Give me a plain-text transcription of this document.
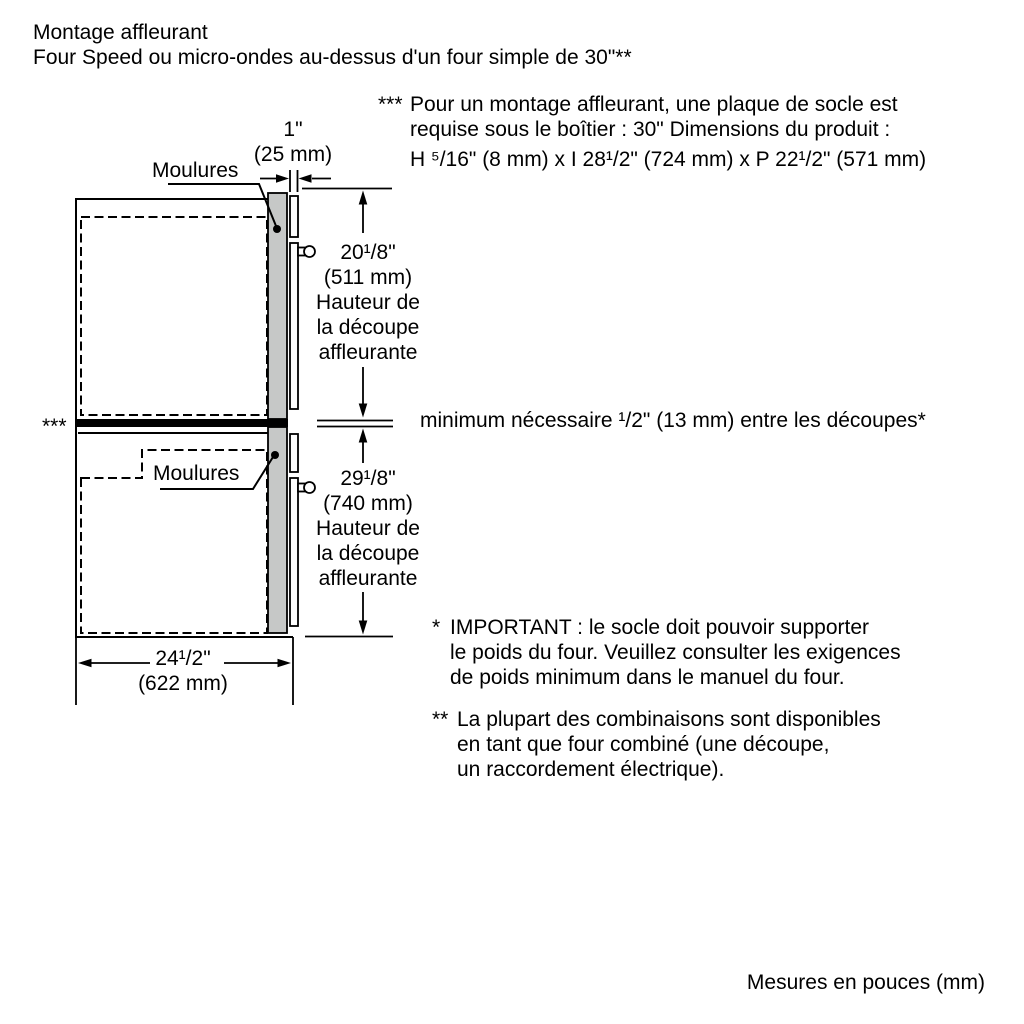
Montage affleurant
Four Speed ou micro-ondes au-dessus d'un four simple de 30"**
*** Pour un montage affleurant, une plaque de socle est
requise sous le boîtier : 30" Dimensions du produit :
H ⁵/16" (8 mm) x I 28¹/2" (724 mm) x P 22¹/2" (571 mm)
1"
(25 mm)
Moulures
20¹/8"
(511 mm)
Hauteur de
la découpe
affleurante
***	minimum nécessaire ¹/2" (13 mm) entre les découpes*
Moulures	29¹/8"
(740 mm)
Hauteur de
la découpe
affleurante
24¹/2"
(622 mm)
* IMPORTANT : le socle doit pouvoir supporter
le poids du four. Veuillez consulter les exigences
de poids minimum dans le manuel du four.
** La plupart des combinaisons sont disponibles
en tant que four combiné (une découpe,
un raccordement électrique).
Mesures en pouces (mm)
